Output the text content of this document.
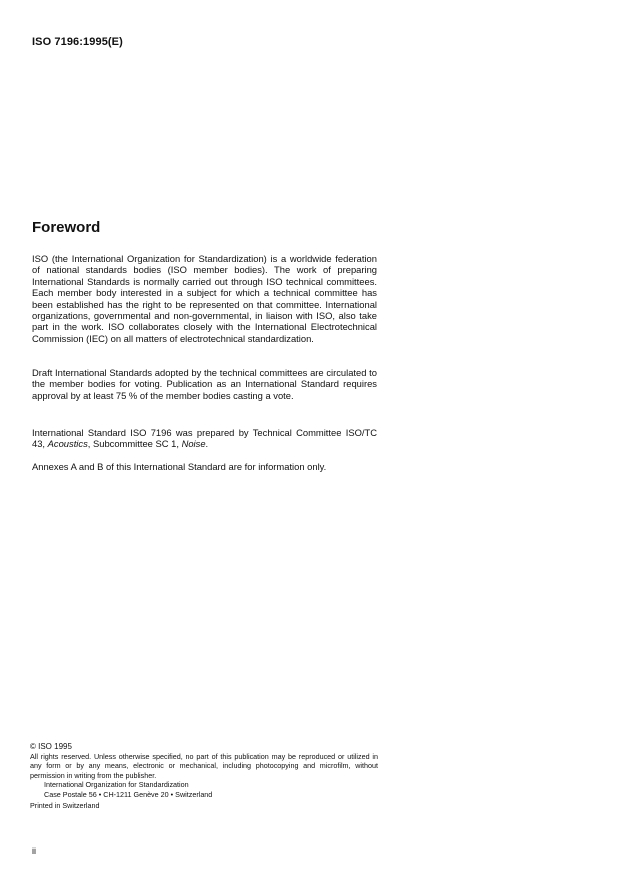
ISO 7196:1995(E)
Foreword

ISO (the International Organization for Standardization) is a worldwide federation of national standards bodies (ISO member bodies). The work of preparing International Standards is normally carried out through ISO technical committees. Each member body interested in a subject for which a technical committee has been established has the right to be represented on that committee. International organizations, governmental and non-governmental, in liaison with ISO, also take part in the work. ISO collaborates closely with the International Electrotechnical Commission (IEC) on all matters of electrotechnical standardization.

Draft International Standards adopted by the technical committees are circulated to the member bodies for voting. Publication as an International Standard requires approval by at least 75 % of the member bodies casting a vote.

International Standard ISO 7196 was prepared by Technical Committee ISO/TC 43, Acoustics, Subcommittee SC 1, Noise.

Annexes A and B of this International Standard are for information only.

© ISO 1995

All rights reserved. Unless otherwise specified, no part of this publication may be reproduced or utilized in any form or by any means, electronic or mechanical, including photocopying and microfilm, without permission in writing from the publisher.

International Organization for Standardization

Case Postale 56 • CH-1211 Genève 20 • Switzerland

Printed in Switzerland

ii
